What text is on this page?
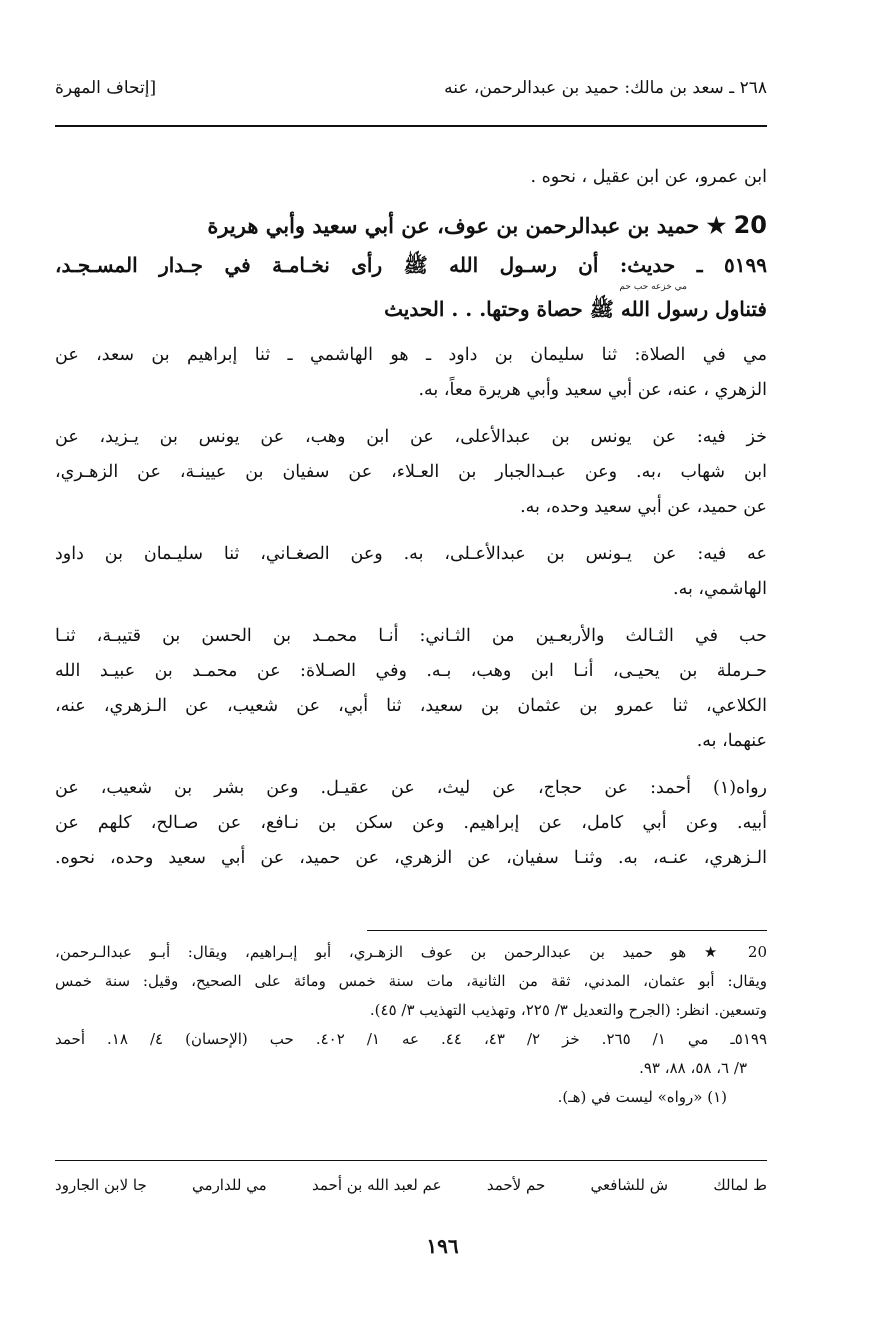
٢٦٨ ـ سعد بن مالك: حميد بن عبدالرحمن، عنه
[إتحاف المهرة
ابن عمرو، عن ابن عقيل ، نحوه .
20 ★ حميد بن عبدالرحمن بن عوف، عن أبي سعيد وأبي هريرة
٥١٩٩ ـ حديث: أن رسـول الله ﷺ رأى نخـامـة في جـدار المسـجـد،
مي خزعه حب حم
فتناول رسول الله ﷺ حصاة وحتها. . . الحديث
مي في الصلاة: ثنا سليمان بن داود ـ هو الهاشمي ـ ثنا إبراهيم بن سعد، عن
الزهري ، عنه، عن أبي سعيد وأبي هريرة معاً، به.
خز فيه: عن يونس بن عبدالأعلى، عن ابن وهب، عن يونس بن يـزيد، عن
ابن شهاب ،به. وعن عبـدالجبار بن العـلاء، عن سفيان بن عيينـة، عن الزهـري،
عن حميد، عن أبي سعيد وحده، به.
عه فيه: عن يـونس بن عبدالأعـلى، به. وعن الصغـاني، ثنا سليـمان بن داود
الهاشمي، به.
حب في الثـالث والأربعـين من الثـاني: أنـا محمـد بن الحسن بن قتيبـة، ثنـا
حـرملة بن يحيـى، أنـا ابن وهب، بـه. وفي الصـلاة: عن محمـد بن عبيـد الله
الكلاعي، ثنا عمرو بن عثمان بن سعيد، ثنا أبي، عن شعيب، عن الـزهري، عنه،
عنهما، به.
رواه(١) أحمد: عن حجاج، عن ليث، عن عقيـل. وعن بشر بن شعيب، عن
أبيه. وعن أبي كامل، عن إبراهيم. وعن سكن بن نـافع، عن صـالح، كلهم عن
الـزهري، عنـه، به. وثنـا سفيان، عن الزهري، عن حميد، عن أبي سعيد وحده، نحوه.
20 ★ هو حميد بن عبدالرحمن بن عوف الزهـري، أبو إبـراهيم، ويقال: أبـو عبدالـرحمن،
ويقال: أبو عثمان، المدني، ثقة من الثانية، مات سنة خمس ومائة على الصحيح، وقيل: سنة خمس
وتسعين. انظر: (الجرح والتعديل ٣/ ٢٢٥، وتهذيب التهذيب ٣/ ٤٥).
٥١٩٩ـ مي ١/ ٢٦٥. خز ٢/ ٤٣، ٤٤. عه ١/ ٤٠٢. حب (الإحسان) ٤/ ١٨. أحمد
٣/ ٦، ٥٨، ٨٨، ٩٣.
(١) «رواه» ليست في (هـ).
ط لمالك
ش للشافعي
حم لأحمد
عم لعبد الله بن أحمد
مي للدارمي
جا لابن الجارود
١٩٦
